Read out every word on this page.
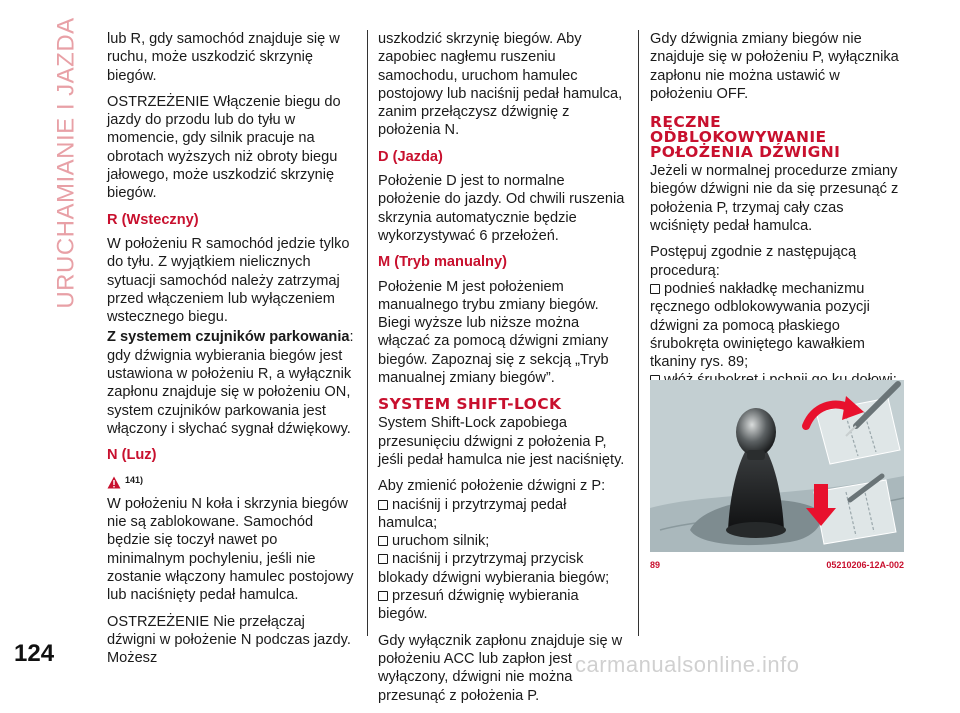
URUCHAMIANIE I JAZDA lub R, gdy samochód znajduje się w ruchu, może uszkodzić skrzynię biegów.

OSTRZEŻENIE Włączenie biegu do jazdy do przodu lub do tyłu w momencie, gdy silnik pracuje na obrotach wyższych niż obroty biegu jałowego, może uszkodzić skrzynię biegów.

R (Wsteczny)

W położeniu R samochód jedzie tylko do tyłu. Z wyjątkiem nielicznych sytuacji samochód należy zatrzymaj przed włączeniem lub wyłączeniem wstecznego biegu.

Z systemem czujników parkowania: gdy dźwignia wybierania biegów jest ustawiona w położeniu R, a wyłącznik zapłonu znajduje się w położeniu ON, system czujników parkowania jest włączony i słychać sygnał dźwiękowy.

N (Luz)
141)

W położeniu N koła i skrzynia biegów nie są zablokowane. Samochód będzie się toczył nawet po minimalnym pochyleniu, jeśli nie zostanie włączony hamulec postojowy lub naciśnięty pedał hamulca.

OSTRZEŻENIE Nie przełączaj dźwigni w położenie N podczas jazdy. Możesz

uszkodzić skrzynię biegów. Aby zapobiec nagłemu ruszeniu samochodu, uruchom hamulec postojowy lub naciśnij pedał hamulca, zanim przełączysz dźwignię z położenia N.

D (Jazda)

Położenie D jest to normalne położenie do jazdy. Od chwili ruszenia skrzynia automatycznie będzie wykorzystywać 6 przełożeń.

M (Tryb manualny)

Położenie M jest położeniem manualnego trybu zmiany biegów. Biegi wyższe lub niższe można włączać za pomocą dźwigni zmiany biegów. Zapoznaj się z sekcją „Tryb manualnej zmiany biegów”.

SYSTEM SHIFT-LOCK

System Shift-Lock zapobiega przesunięciu dźwigni z położenia P, jeśli pedał hamulca nie jest naciśnięty.

Aby zmienić położenie dźwigni z P:

naciśnij i przytrzymaj pedał hamulca;
uruchom silnik;
naciśnij i przytrzymaj przycisk blokady dźwigni wybierania biegów;
przesuń dźwignię wybierania biegów.

Gdy wyłącznik zapłonu znajduje się w położeniu ACC lub zapłon jest wyłączony, dźwigni nie można przesunąć z położenia P.

Gdy dźwignia zmiany biegów nie znajduje się w położeniu P, wyłącznika zapłonu nie można ustawić w położeniu OFF.

RĘCZNE
ODBLOKOWYWANIE
POŁOŻENIA DŹWIGNI

Jeżeli w normalnej procedurze zmiany biegów dźwigni nie da się przesunąć z położenia P, trzymaj cały czas wciśnięty pedał hamulca.

Postępuj zgodnie z następującą procedurą:

podnieś nakładkę mechanizmu ręcznego odblokowywania pozycji dźwigni za pomocą płaskiego śrubokręta owiniętego kawałkiem tkaniny rys. 89;
89	05210206-12A-002
124	carmanualsonline.info
